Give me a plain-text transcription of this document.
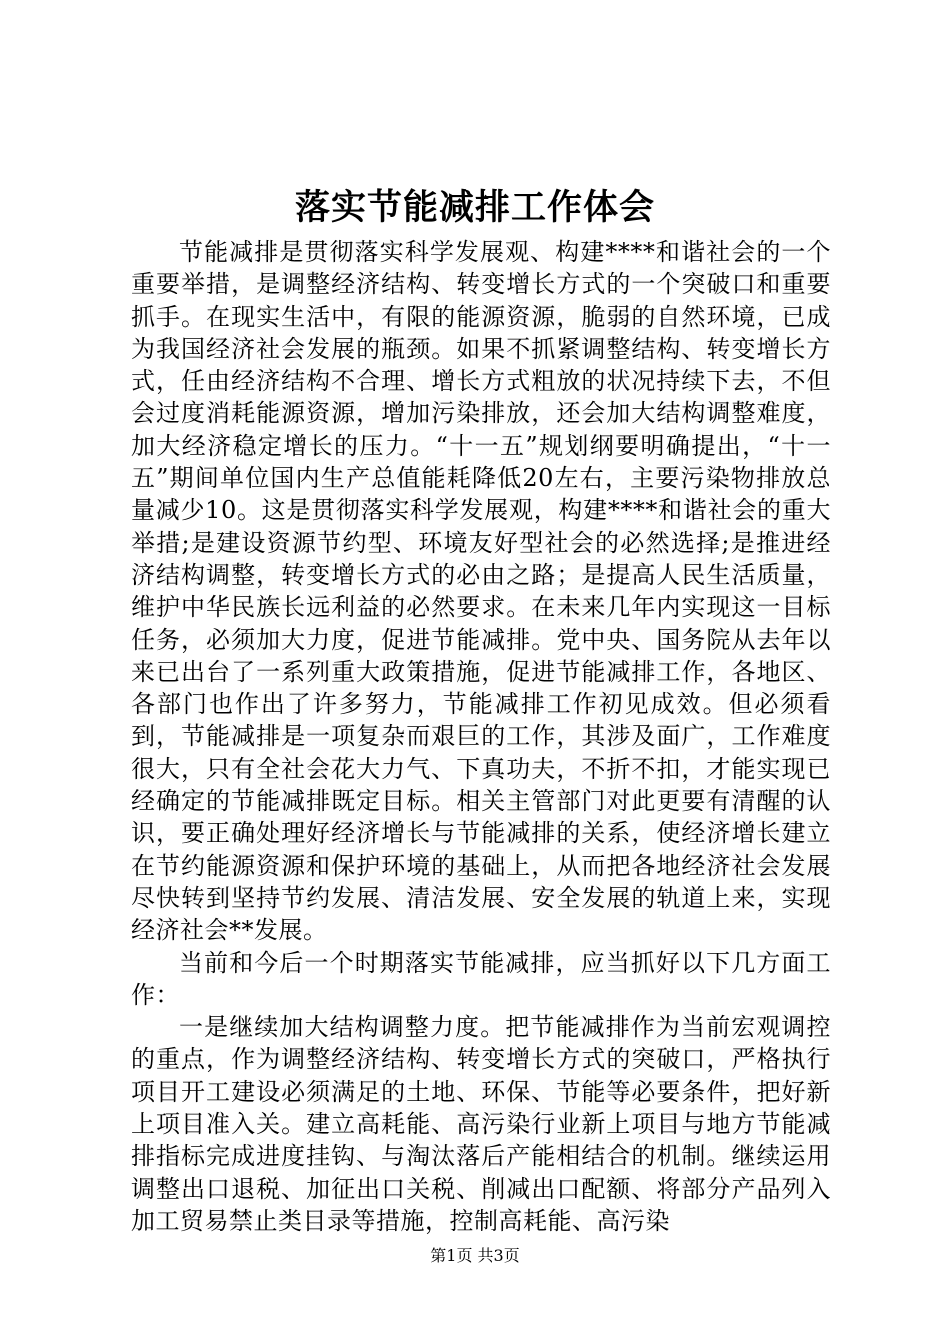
落实节能减排工作体会

节能减排是贯彻落实科学发展观、构建****和谐社会的一个重要举措，是调整经济结构、转变增长方式的一个突破口和重要抓手。在现实生活中，有限的能源资源，脆弱的自然环境，已成为我国经济社会发展的瓶颈。如果不抓紧调整结构、转变增长方式，任由经济结构不合理、增长方式粗放的状况持续下去，不但会过度消耗能源资源，增加污染排放，还会加大结构调整难度，加大经济稳定增长的压力。“十一五”规划纲要明确提出，“十一五”期间单位国内生产总值能耗降低20左右，主要污染物排放总量减少10。这是贯彻落实科学发展观，构建****和谐社会的重大举措;是建设资源节约型、环境友好型社会的必然选择;是推进经济结构调整，转变增长方式的必由之路；是提高人民生活质量，维护中华民族长远利益的必然要求。在未来几年内实现这一目标任务，必须加大力度，促进节能减排。党中央、国务院从去年以来已出台了一系列重大政策措施，促进节能减排工作，各地区、各部门也作出了许多努力，节能减排工作初见成效。但必须看到，节能减排是一项复杂而艰巨的工作，其涉及面广，工作难度很大，只有全社会花大力气、下真功夫，不折不扣，才能实现已经确定的节能减排既定目标。相关主管部门对此更要有清醒的认识，要正确处理好经济增长与节能减排的关系，使经济增长建立在节约能源资源和保护环境的基础上，从而把各地经济社会发展尽快转到坚持节约发展、清洁发展、安全发展的轨道上来，实现经济社会**发展。

当前和今后一个时期落实节能减排，应当抓好以下几方面工作：

一是继续加大结构调整力度。把节能减排作为当前宏观调控的重点，作为调整经济结构、转变增长方式的突破口，严格执行项目开工建设必须满足的土地、环保、节能等必要条件，把好新上项目准入关。建立高耗能、高污染行业新上项目与地方节能减排指标完成进度挂钩、与淘汰落后产能相结合的机制。继续运用调整出口退税、加征出口关税、削减出口配额、将部分产品列入加工贸易禁止类目录等措施，控制高耗能、高污染

第1页 共3页
